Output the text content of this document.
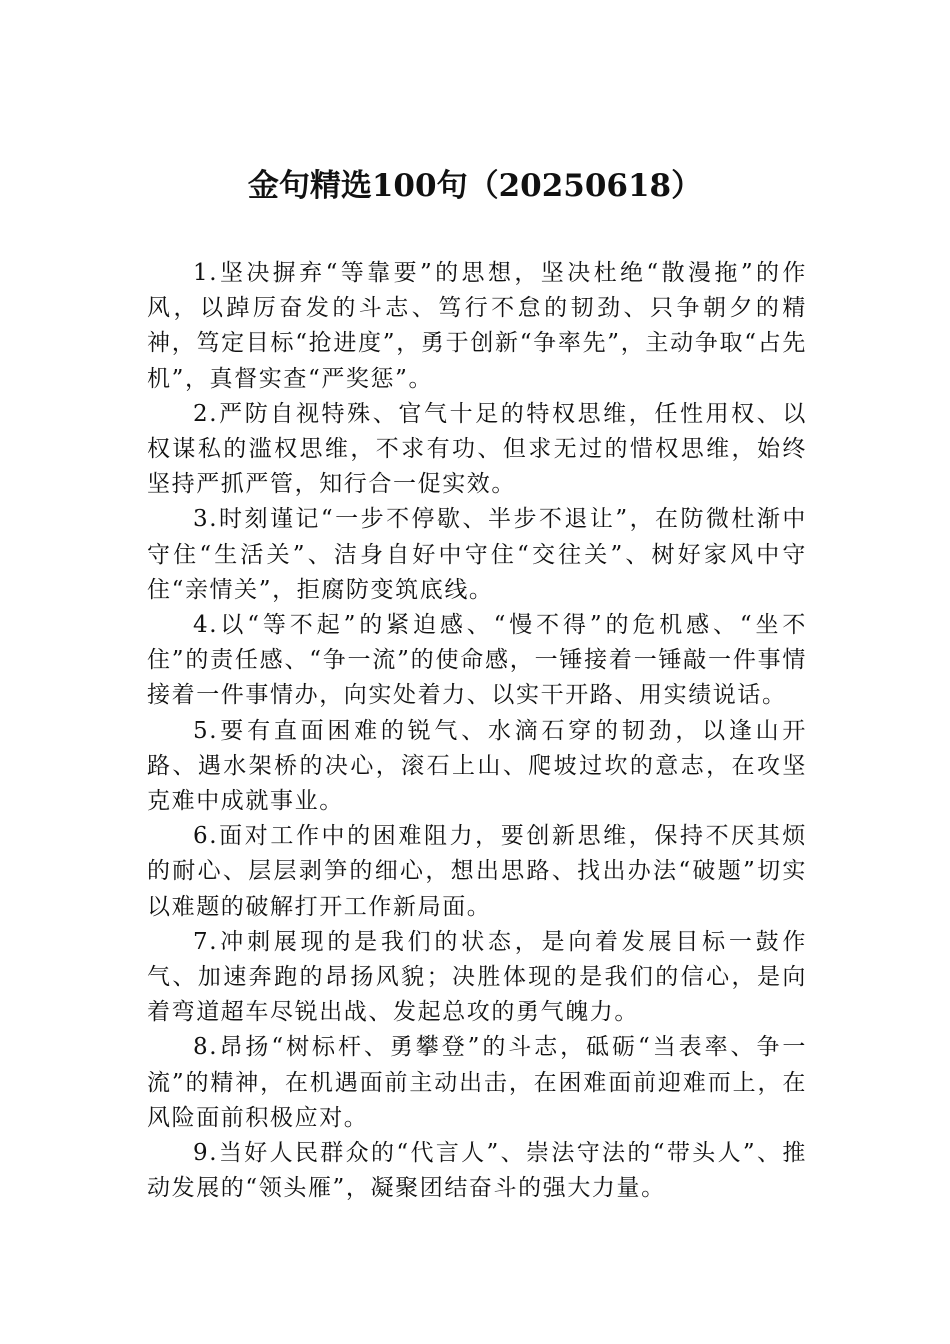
金句精选100句（20250618）

1.坚决摒弃“等靠要”的思想，坚决杜绝“散漫拖”的作风，以踔厉奋发的斗志、笃行不怠的韧劲、只争朝夕的精神，笃定目标“抢进度”，勇于创新“争率先”，主动争取“占先机”，真督实查“严奖惩”。

2.严防自视特殊、官气十足的特权思维，任性用权、以权谋私的滥权思维，不求有功、但求无过的惜权思维，始终坚持严抓严管，知行合一促实效。

3.时刻谨记“一步不停歇、半步不退让”，在防微杜渐中守住“生活关”、洁身自好中守住“交往关”、树好家风中守住“亲情关”，拒腐防变筑底线。

4.以“等不起”的紧迫感、“慢不得”的危机感、“坐不住”的责任感、“争一流”的使命感，一锤接着一锤敲一件事情接着一件事情办，向实处着力、以实干开路、用实绩说话。

5.要有直面困难的锐气、水滴石穿的韧劲，以逢山开路、遇水架桥的决心，滚石上山、爬坡过坎的意志，在攻坚克难中成就事业。

6.面对工作中的困难阻力，要创新思维，保持不厌其烦的耐心、层层剥笋的细心，想出思路、找出办法“破题”切实以难题的破解打开工作新局面。

7.冲刺展现的是我们的状态，是向着发展目标一鼓作气、加速奔跑的昂扬风貌；决胜体现的是我们的信心，是向着弯道超车尽锐出战、发起总攻的勇气魄力。

8.昂扬“树标杆、勇攀登”的斗志，砥砺“当表率、争一流”的精神，在机遇面前主动出击，在困难面前迎难而上，在风险面前积极应对。

9.当好人民群众的“代言人”、崇法守法的“带头人”、推动发展的“领头雁”，凝聚团结奋斗的强大力量。
